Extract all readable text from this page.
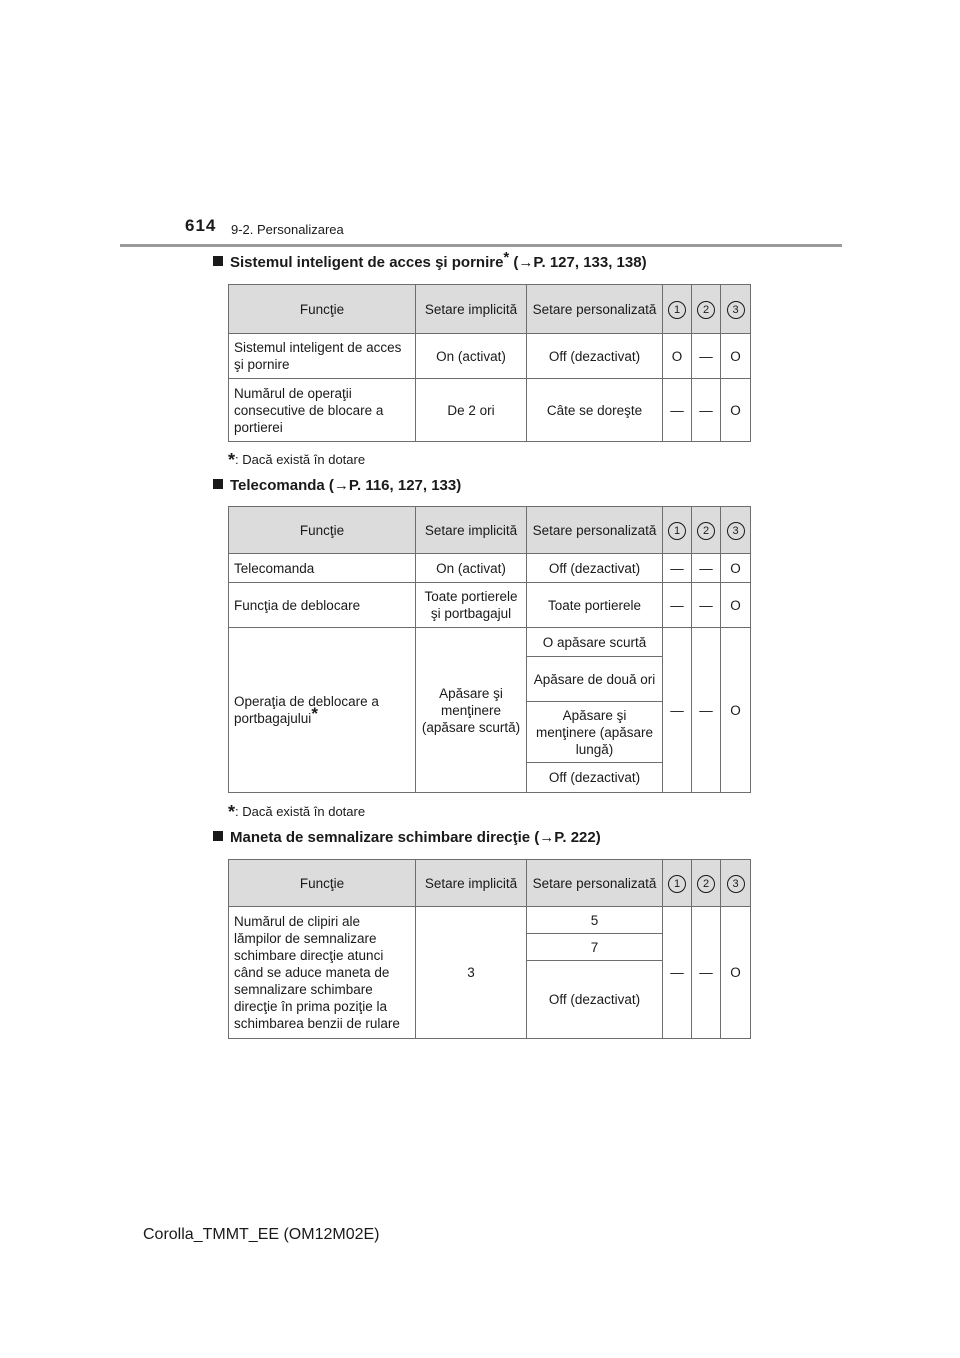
614 9-2. Personalizarea
Sistemul inteligent de acces şi pornire* (→P. 127, 133, 138)
Funcţie	Setare implicită	Setare personalizată	1	2	3
Sistemul inteligent de acces şi pornire	On (activat)	Off (dezactivat)	O	—	O
Numărul de operaţii consecutive de blocare a portierei	De 2 ori	Câte se doreşte	—	—	O
*: Dacă există în dotare
Telecomanda (→P. 116, 127, 133)
Funcţie	Setare implicită	Setare personalizată	1	2	3
Telecomanda	On (activat)	Off (dezactivat)	—	—	O
Funcţia de deblocare	Toate portierele şi portbagajul	Toate portierele	—	—	O
Operaţia de deblocare a portbagajului*	Apăsare şi menţinere (apăsare scurtă)	O apăsare scurtă	—	—	O
		Apăsare de două ori			
		Apăsare şi menţinere (apăsare lungă)			
		Off (dezactivat)			
*: Dacă există în dotare
Maneta de semnalizare schimbare direcţie (→P. 222)
Funcţie	Setare implicită	Setare personalizată	1	2	3
Numărul de clipiri ale lămpilor de semnalizare schimbare direcţie atunci când se aduce maneta de semnalizare schimbare direcţie în prima poziţie la schimbarea benzii de rulare	3	5	—	—	O
		7			
		Off (dezactivat)			
Corolla_TMMT_EE (OM12M02E)
